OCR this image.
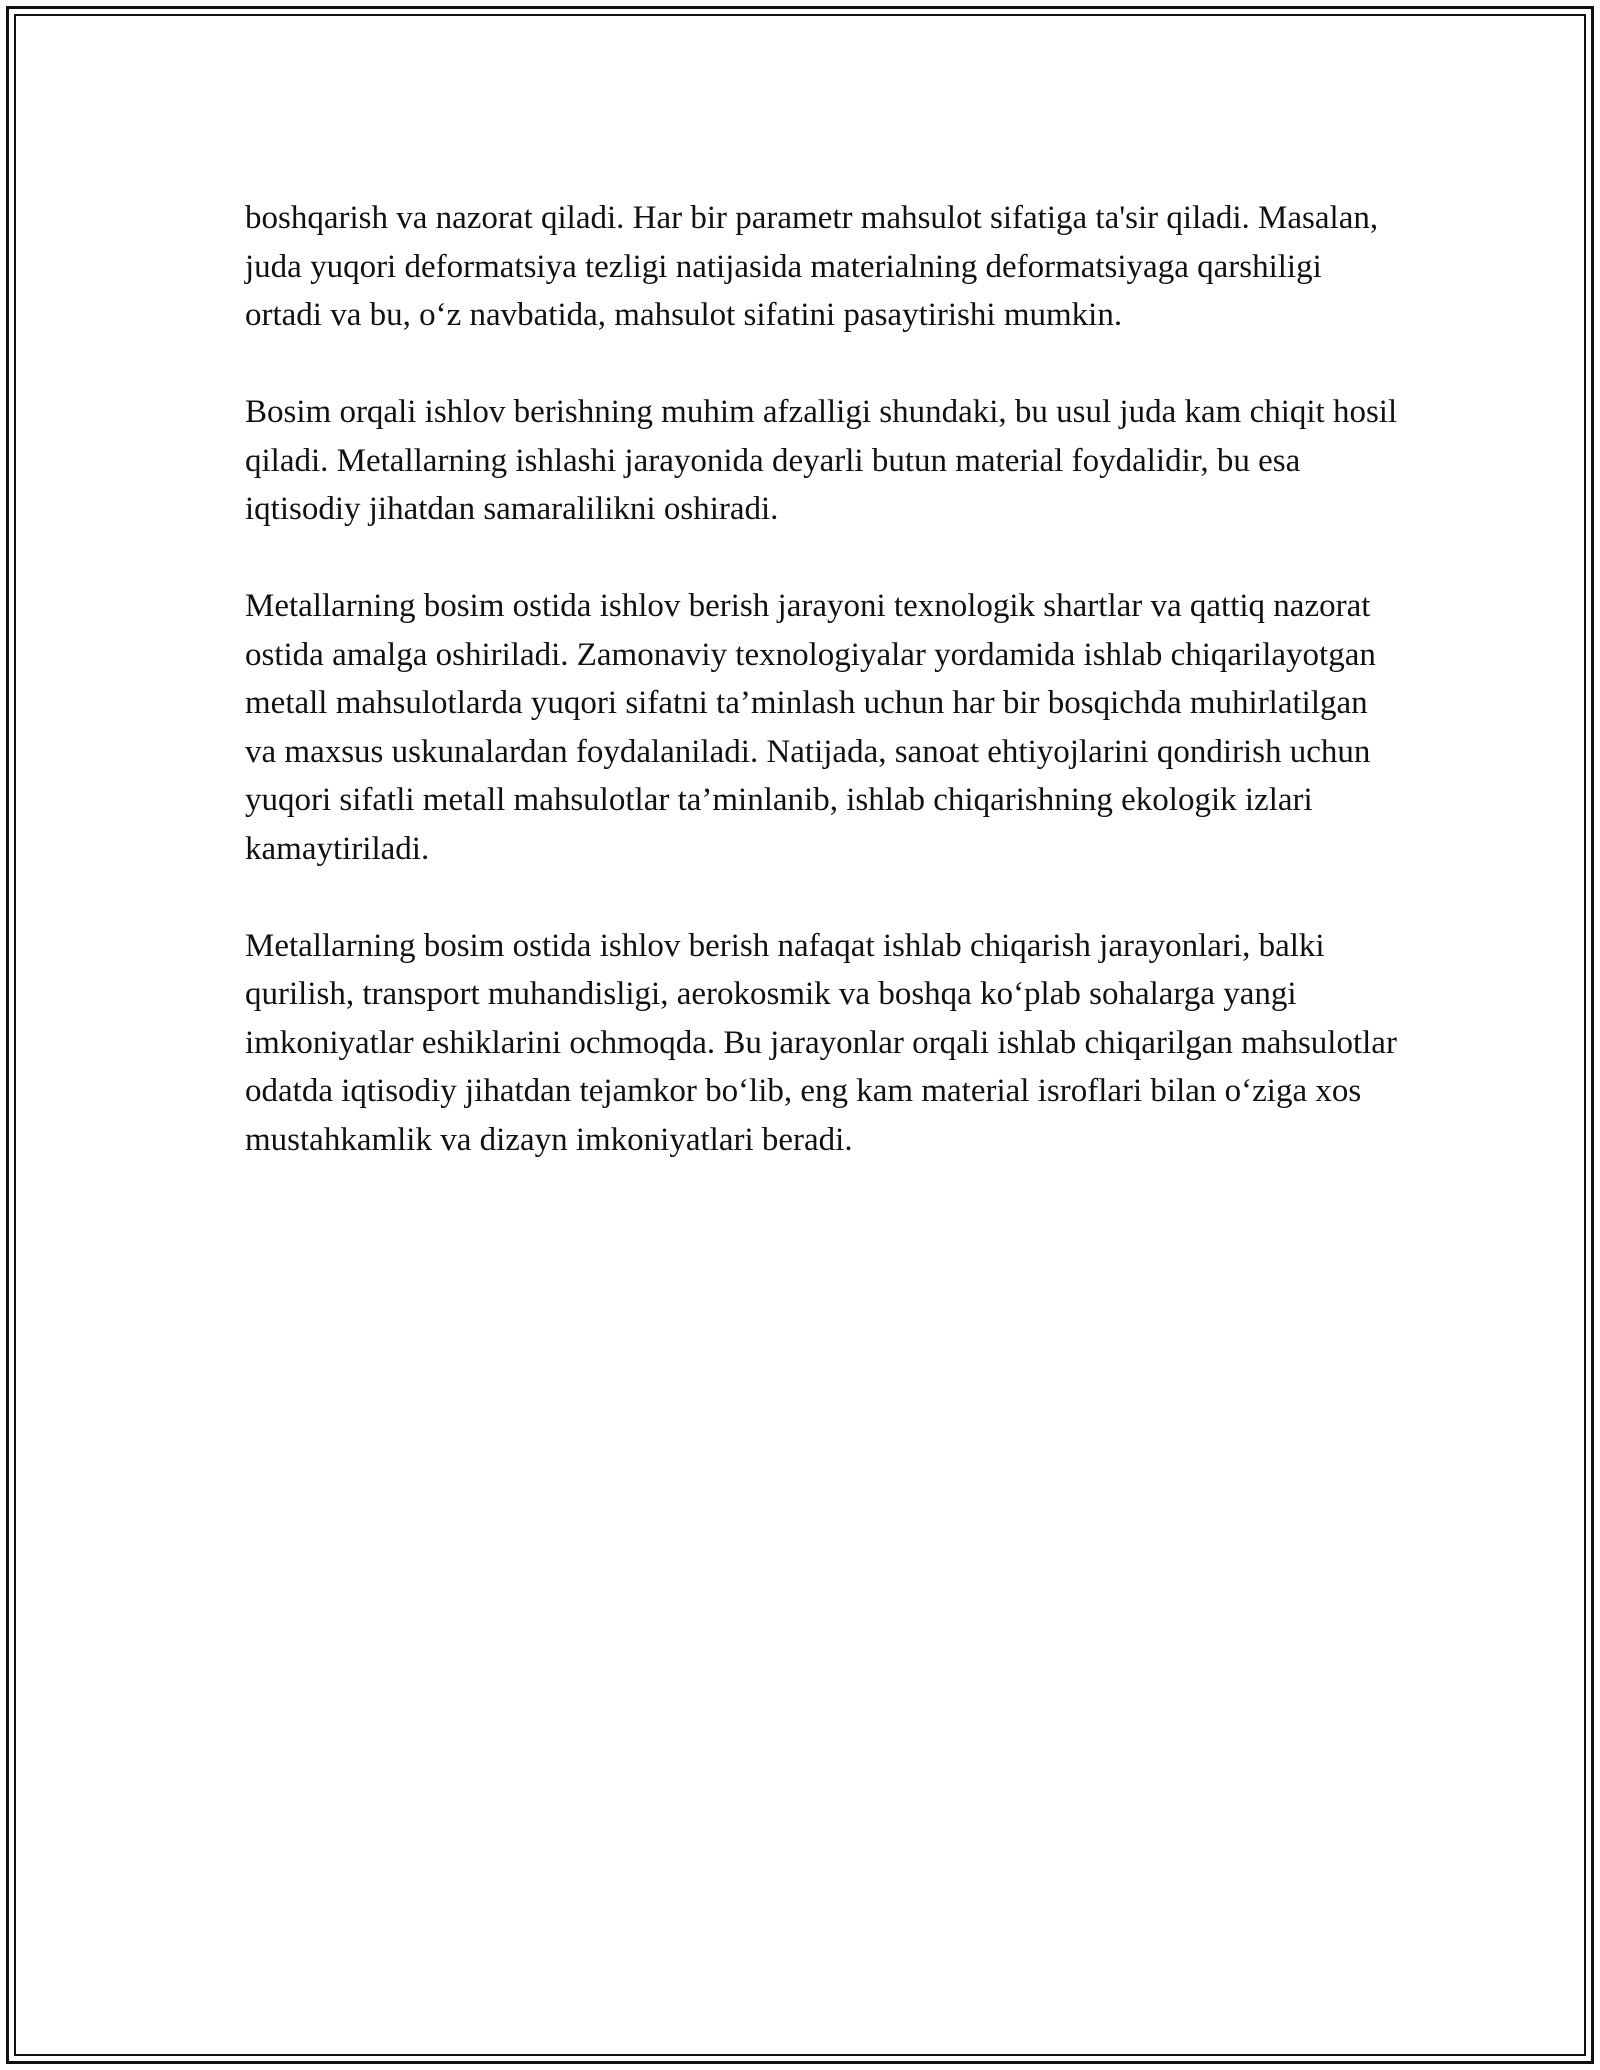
boshqarish va nazorat qiladi. Har bir parametr mahsulot sifatiga ta'sir qiladi. Masalan, juda yuqori deformatsiya tezligi natijasida materialning deformatsiyaga qarshiligi ortadi va bu, o‘z navbatida, mahsulot sifatini pasaytirishi mumkin.

Bosim orqali ishlov berishning muhim afzalligi shundaki, bu usul juda kam chiqit hosil qiladi. Metallarning ishlashi jarayonida deyarli butun material foydalidir, bu esa iqtisodiy jihatdan samaralilikni oshiradi.

Metallarning bosim ostida ishlov berish jarayoni texnologik shartlar va qattiq nazorat ostida amalga oshiriladi. Zamonaviy texnologiyalar yordamida ishlab chiqarilayotgan metall mahsulotlarda yuqori sifatni ta’minlash uchun har bir bosqichda muhirlatilgan va maxsus uskunalardan foydalaniladi. Natijada, sanoat ehtiyojlarini qondirish uchun yuqori sifatli metall mahsulotlar ta’minlanib, ishlab chiqarishning ekologik izlari kamaytiriladi.

Metallarning bosim ostida ishlov berish nafaqat ishlab chiqarish jarayonlari, balki qurilish, transport muhandisligi, aerokosmik va boshqa ko‘plab sohalarga yangi imkoniyatlar eshiklarini ochmoqda. Bu jarayonlar orqali ishlab chiqarilgan mahsulotlar odatda iqtisodiy jihatdan tejamkor bo‘lib, eng kam material isroflari bilan o‘ziga xos mustahkamlik va dizayn imkoniyatlari beradi.
